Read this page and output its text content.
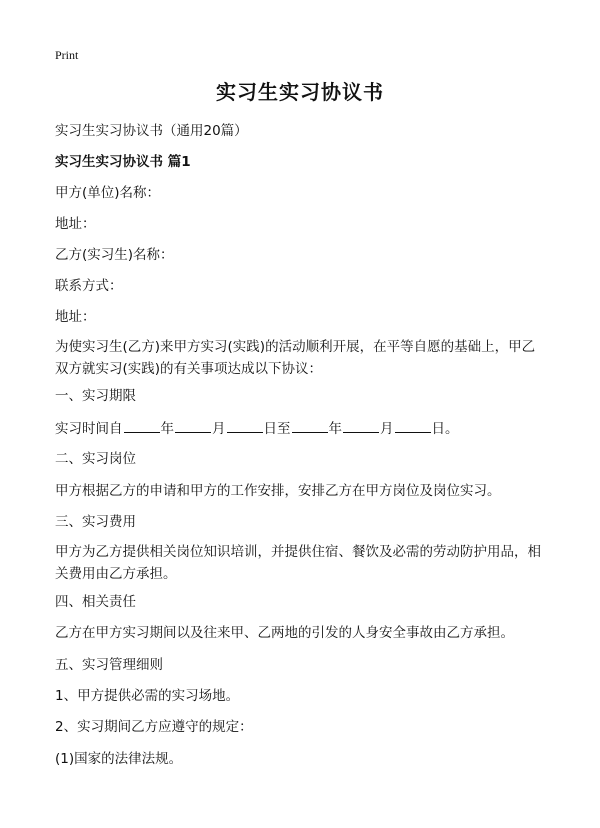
Print
实习生实习协议书
实习生实习协议书（通用20篇）
实习生实习协议书 篇1
甲方(单位)名称：
地址：
乙方(实习生)名称：
联系方式：
地址：
为使实习生(乙方)来甲方实习(实践)的活动顺利开展，在平等自愿的基础上，甲乙双方就实习(实践)的有关事项达成以下协议：
一、实习期限
实习时间自	年	月	日至	年	月	日。
二、实习岗位
甲方根据乙方的申请和甲方的工作安排，安排乙方在甲方岗位及岗位实习。
三、实习费用
甲方为乙方提供相关岗位知识培训，并提供住宿、餐饮及必需的劳动防护用品，相关费用由乙方承担。
四、相关责任
乙方在甲方实习期间以及往来甲、乙两地的引发的人身安全事故由乙方承担。
五、实习管理细则
1、甲方提供必需的实习场地。
2、实习期间乙方应遵守的规定：
(1)国家的法律法规。
